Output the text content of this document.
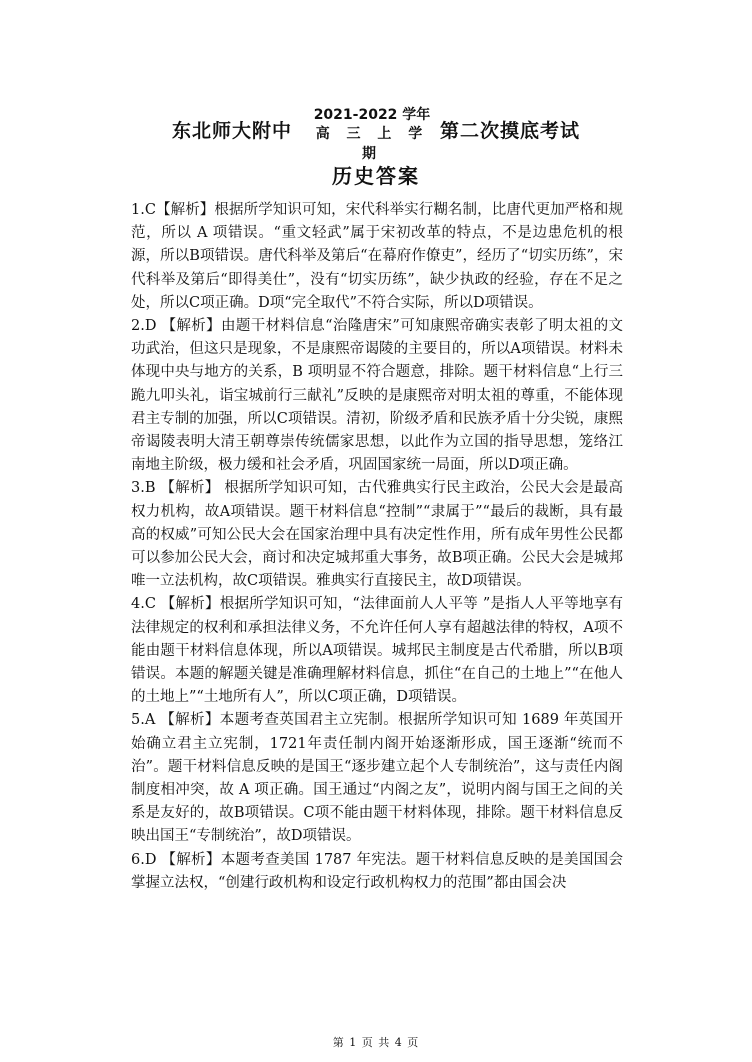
东北师大附中
2021-2022 学年
高 三 上 学 期
第二次摸底考试
历史答案

1.C【解析】根据所学知识可知，宋代科举实行糊名制，比唐代更加严格和规范，所以 A 项错误。“重文轻武”属于宋初改革的特点，不是边患危机的根源，所以B项错误。唐代科举及第后“在幕府作僚吏”，经历了“切实历练”，宋代科举及第后“即得美仕”，没有“切实历练”，缺少执政的经验，存在不足之处，所以C项正确。D项“完全取代”不符合实际，所以D项错误。

2.D 【解析】由题干材料信息“治隆唐宋”可知康熙帝确实表彰了明太祖的文功武治，但这只是现象，不是康熙帝谒陵的主要目的，所以A项错误。材料未体现中央与地方的关系，B 项明显不符合题意，排除。题干材料信息“上行三跪九叩头礼，诣宝城前行三献礼”反映的是康熙帝对明太祖的尊重，不能体现君主专制的加强，所以C项错误。清初，阶级矛盾和民族矛盾十分尖锐，康熙帝谒陵表明大清王朝尊崇传统儒家思想，以此作为立国的指导思想，笼络江南地主阶级，极力缓和社会矛盾，巩固国家统一局面，所以D项正确。

3.B 【解析】 根据所学知识可知，古代雅典实行民主政治，公民大会是最高权力机构，故A项错误。题干材料信息“控制”“隶属于”“最后的裁断，具有最高的权威”可知公民大会在国家治理中具有决定性作用，所有成年男性公民都可以参加公民大会，商讨和决定城邦重大事务，故B项正确。公民大会是城邦唯一立法机构，故C项错误。雅典实行直接民主，故D项错误。

4.C 【解析】根据所学知识可知，“法律面前人人平等 ”是指人人平等地享有法律规定的权利和承担法律义务，不允许任何人享有超越法律的特权，A项不能由题干材料信息体现，所以A项错误。城邦民主制度是古代希腊，所以B项错误。本题的解题关键是准确理解材料信息，抓住“在自己的土地上”“在他人的土地上”“土地所有人”，所以C项正确，D项错误。

5.A 【解析】本题考查英国君主立宪制。根据所学知识可知 1689 年英国开始确立君主立宪制，1721年责任制内阁开始逐渐形成，国王逐渐“统而不治”。题干材料信息反映的是国王“逐步建立起个人专制统治”，这与责任内阁制度相冲突，故 A 项正确。国王通过“内阁之友”，说明内阁与国王之间的关系是友好的，故B项错误。C项不能由题干材料体现，排除。题干材料信息反映出国王“专制统治”，故D项错误。

6.D 【解析】本题考查美国 1787 年宪法。题干材料信息反映的是美国国会掌握立法权，“创建行政机构和设定行政机构权力的范围”都由国会决

第 1 页 共 4 页
